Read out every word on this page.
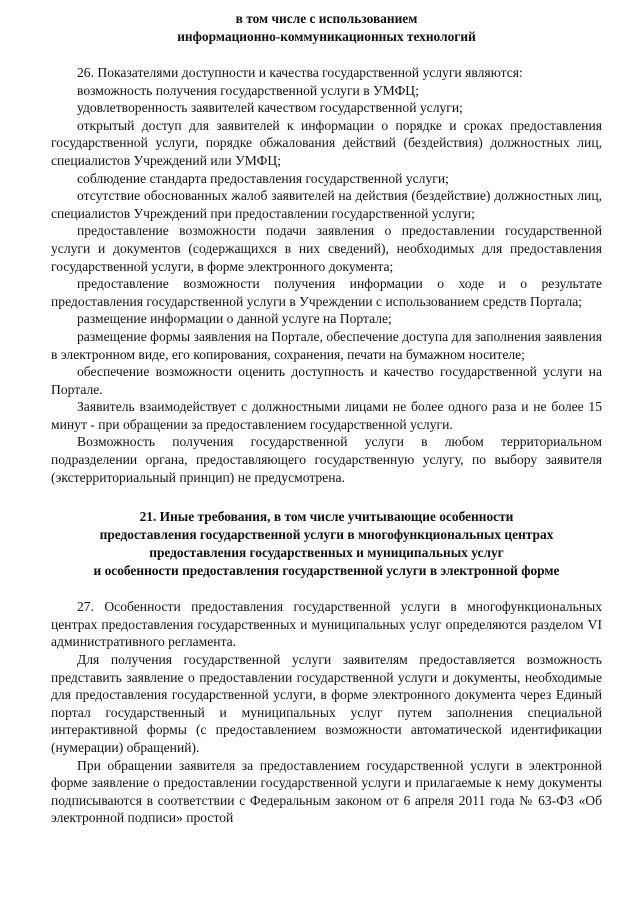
в том числе с использованием
информационно-коммуникационных технологий

26. Показателями доступности и качества государственной услуги являются:

возможность получения государственной услуги в УМФЦ;

удовлетворенность заявителей качеством государственной услуги;

открытый доступ для заявителей к информации о порядке и сроках предоставления государственной услуги, порядке обжалования действий (бездействия) должностных лиц, специалистов Учреждений или УМФЦ;

соблюдение стандарта предоставления государственной услуги;

отсутствие обоснованных жалоб заявителей на действия (бездействие) должностных лиц, специалистов Учреждений при предоставлении государственной услуги;

предоставление возможности подачи заявления о предоставлении государственной услуги и документов (содержащихся в них сведений), необходимых для предоставления государственной услуги, в форме электронного документа;

предоставление возможности получения информации о ходе и о результате предоставления государственной услуги в Учреждении с использованием средств Портала;

размещение информации о данной услуге на Портале;

размещение формы заявления на Портале, обеспечение доступа для заполнения заявления в электронном виде, его копирования, сохранения, печати на бумажном носителе;

обеспечение возможности оценить доступность и качество государственной услуги на Портале.

Заявитель взаимодействует с должностными лицами не более одного раза и не более 15 минут - при обращении за предоставлением государственной услуги.

Возможность получения государственной услуги в любом территориальном подразделении органа, предоставляющего государственную услугу, по выбору заявителя (экстерриториальный принцип) не предусмотрена.

21. Иные требования, в том числе учитывающие особенности
предоставления государственной услуги в многофункциональных центрах
предоставления государственных и муниципальных услуг
и особенности предоставления государственной услуги в электронной форме

27. Особенности предоставления государственной услуги в многофункциональных центрах предоставления государственных и муниципальных услуг определяются разделом VI административного регламента.

Для получения государственной услуги заявителям предоставляется возможность представить заявление о предоставлении государственной услуги и документы, необходимые для предоставления государственной услуги, в форме электронного документа через Единый портал государственный и муниципальных услуг путем заполнения специальной интерактивной формы (с предоставлением возможности автоматической идентификации (нумерации) обращений).

При обращении заявителя за предоставлением государственной услуги в электронной форме заявление о предоставлении государственной услуги и прилагаемые к нему документы подписываются в соответствии с Федеральным законом от 6 апреля 2011 года № 63-ФЗ «Об электронной подписи» простой
